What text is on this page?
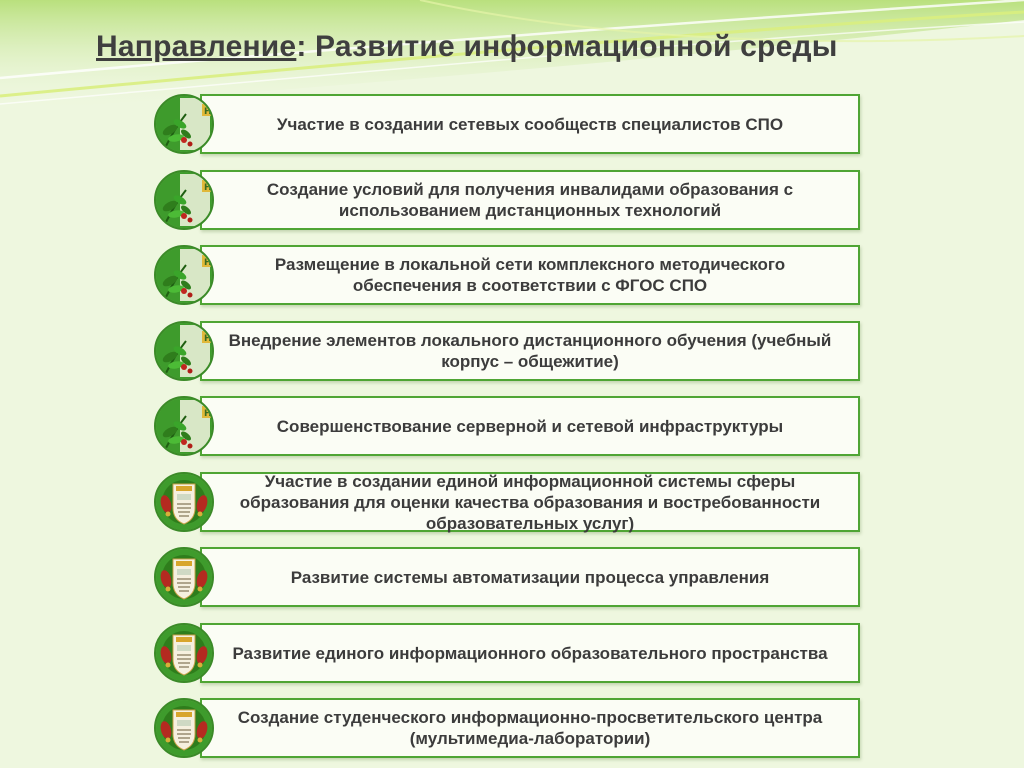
Направление: Развитие информационной среды
Участие в создании сетевых сообществ специалистов СПО
Н
Создание условий для получения инвалидами образования с использованием дистанционных технологий
Н
Размещение в локальной сети комплексного методического обеспечения в соответствии с ФГОС СПО
Н
Внедрение элементов локального дистанционного обучения (учебный корпус – общежитие)
Н
Совершенствование серверной и сетевой инфраструктуры
Н
Участие в создании единой информационной системы сферы образования для оценки качества образования и востребованности образовательных услуг)
Развитие системы автоматизации процесса управления
Развитие единого информационного образовательного пространства
Создание студенческого информационно-просветительского центра (мультимедиа-лаборатории)
